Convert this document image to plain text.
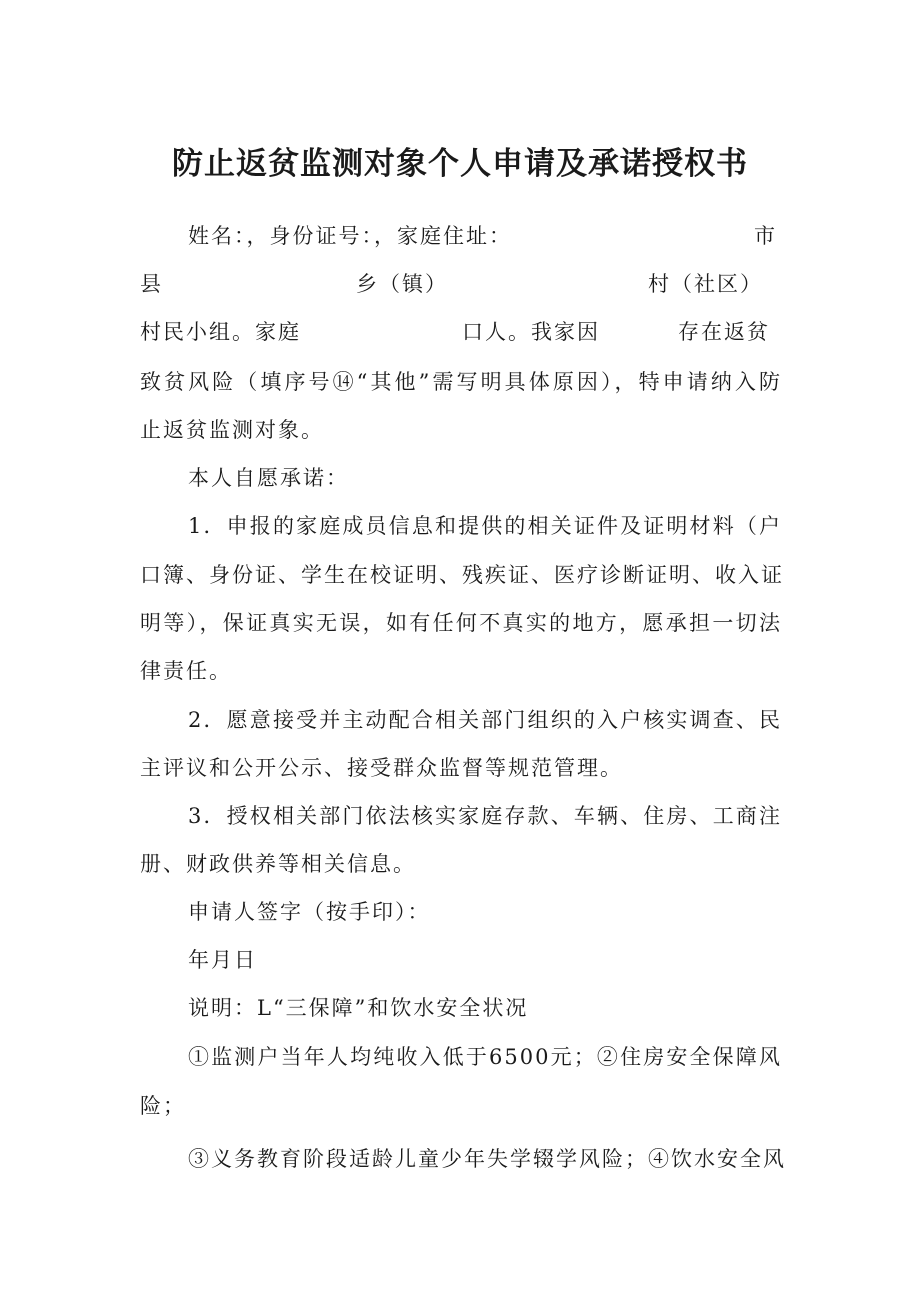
防止返贫监测对象个人申请及承诺授权书
姓名：，身份证号：，家庭住址：	市
县	乡（镇）	村（社区）
村民小组。家庭	口人。我家因	存在返贫
致贫风险（填序号⑭“其他”需写明具体原因），特申请纳入防
止返贫监测对象。
本人自愿承诺：
1．申报的家庭成员信息和提供的相关证件及证明材料（户
口簿、身份证、学生在校证明、残疾证、医疗诊断证明、收入证
明等），保证真实无误，如有任何不真实的地方，愿承担一切法
律责任。
2．愿意接受并主动配合相关部门组织的入户核实调查、民
主评议和公开公示、接受群众监督等规范管理。
3．授权相关部门依法核实家庭存款、车辆、住房、工商注
册、财政供养等相关信息。
申请人签字（按手印）：
年月日
说明：L“三保障”和饮水安全状况
①监测户当年人均纯收入低于6500元；②住房安全保障风
险；
③义务教育阶段适龄儿童少年失学辍学风险；④饮水安全风
